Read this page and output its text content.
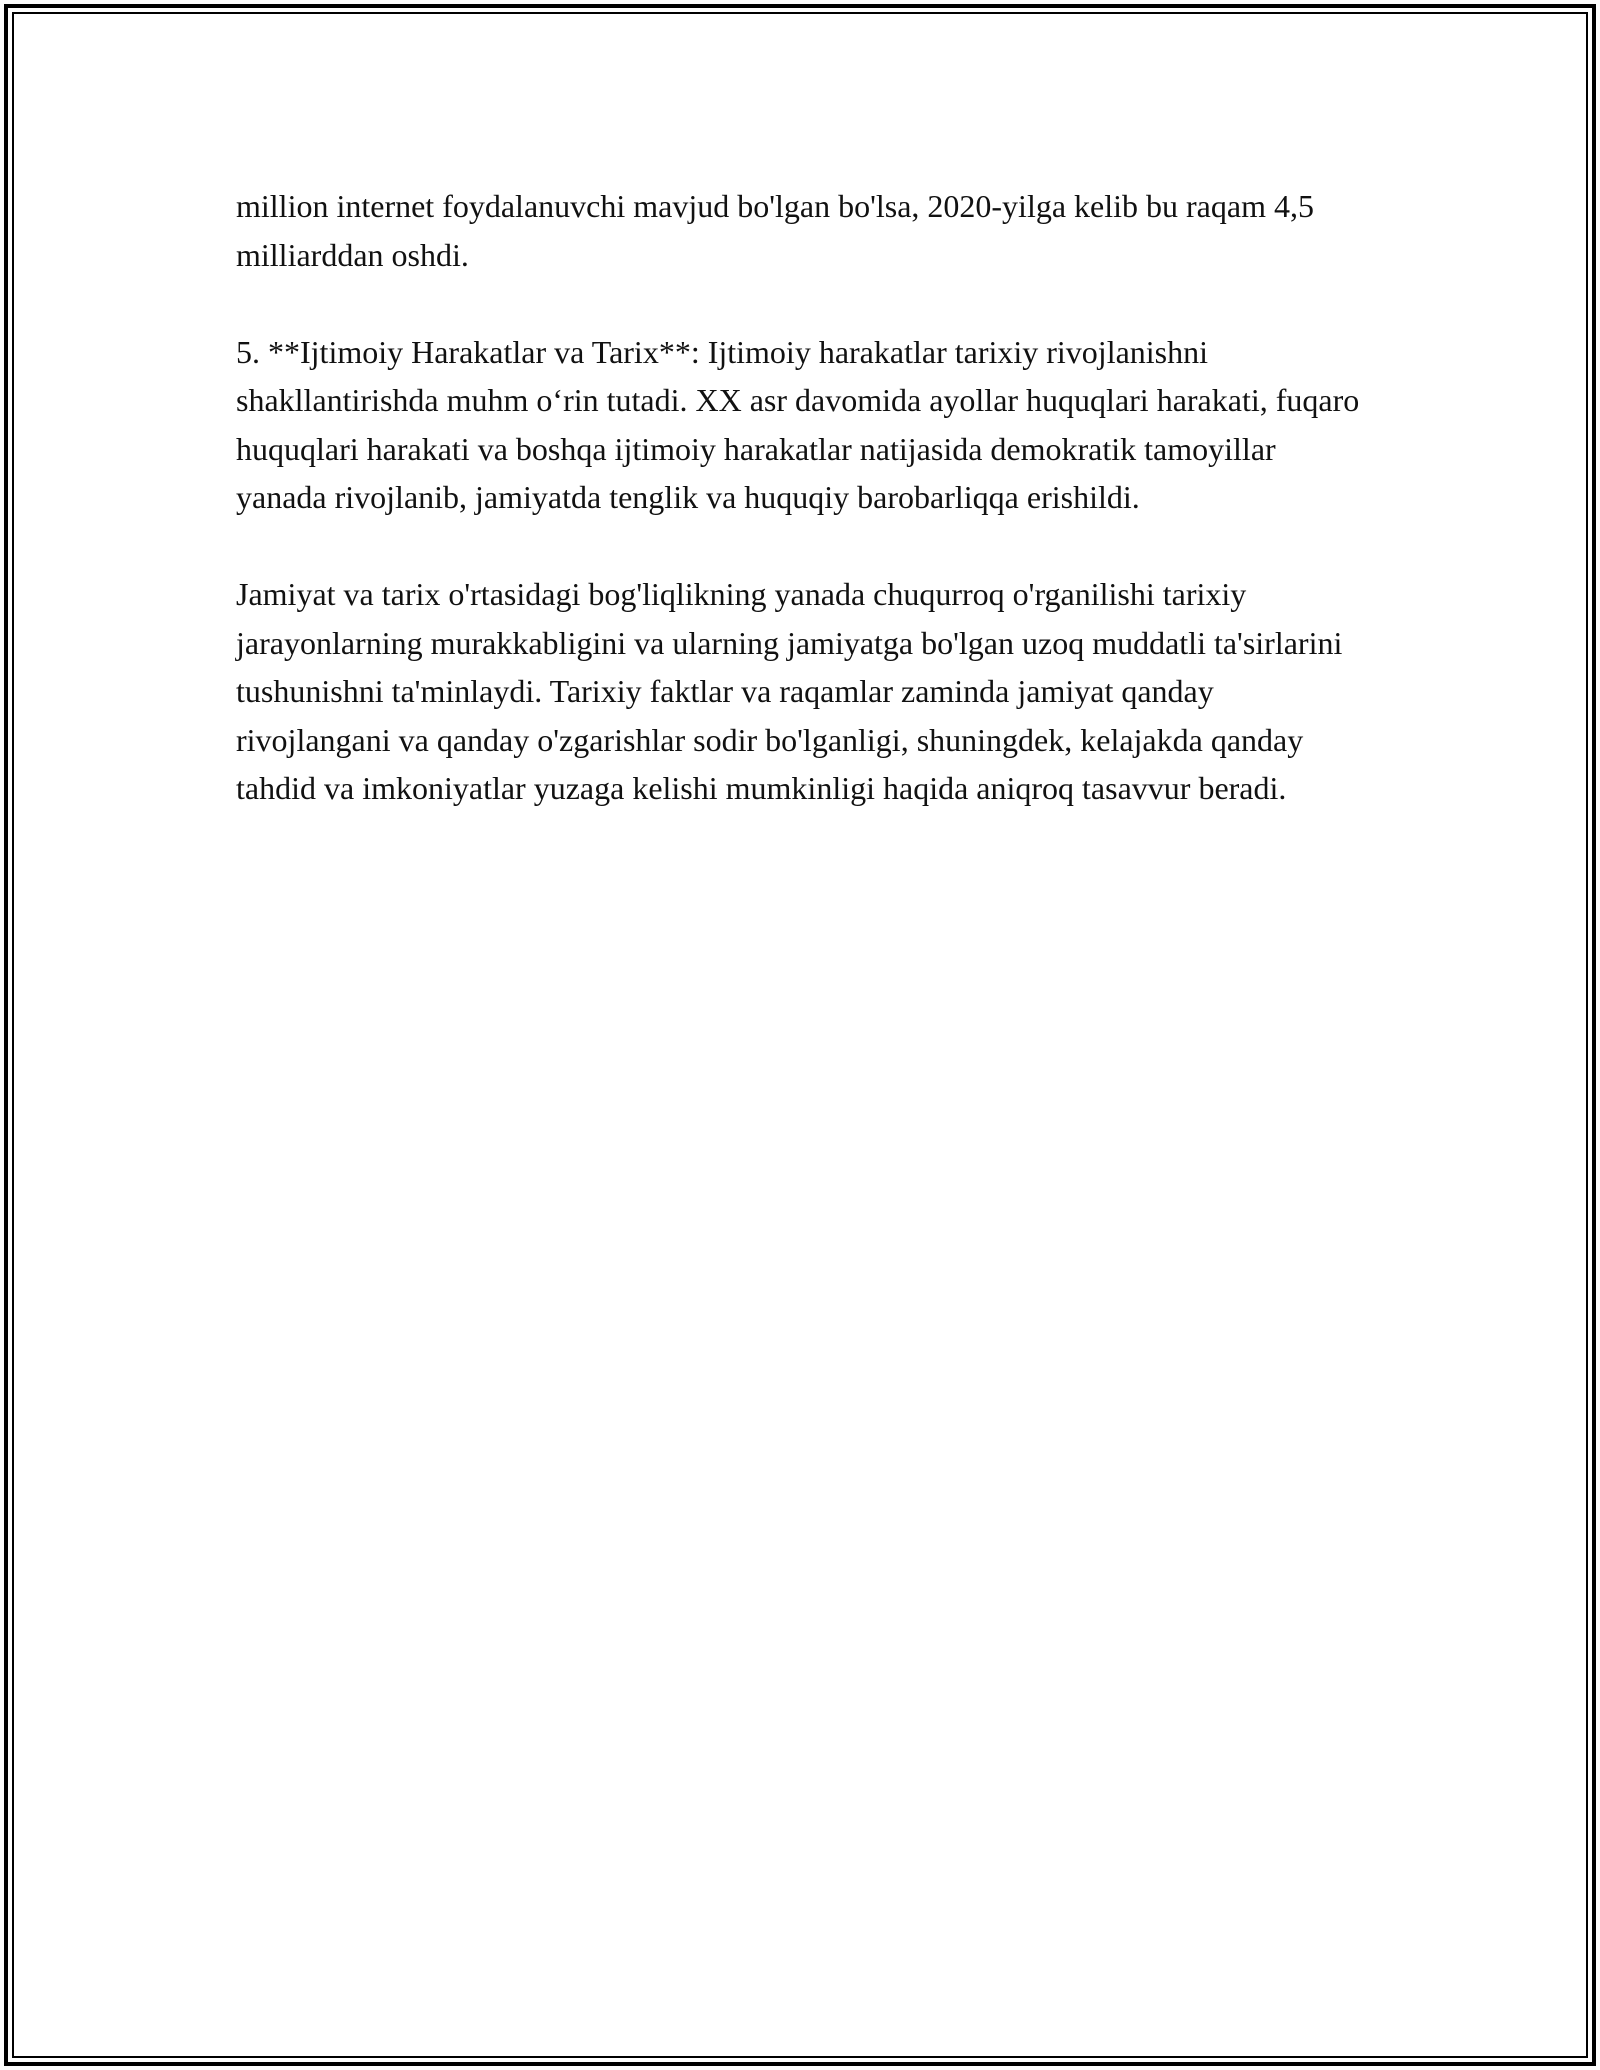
million internet foydalanuvchi mavjud bo'lgan bo'lsa, 2020-yilga kelib bu raqam 4,5 milliarddan oshdi.

5. **Ijtimoiy Harakatlar va Tarix**: Ijtimoiy harakatlar tarixiy rivojlanishni shakllantirishda muhm o‘rin tutadi. XX asr davomida ayollar huquqlari harakati, fuqaro huquqlari harakati va boshqa ijtimoiy harakatlar natijasida demokratik tamoyillar yanada rivojlanib, jamiyatda tenglik va huquqiy barobarliqqa erishildi.

Jamiyat va tarix o'rtasidagi bog'liqlikning yanada chuqurroq o'rganilishi tarixiy jarayonlarning murakkabligini va ularning jamiyatga bo'lgan uzoq muddatli ta'sirlarini tushunishni ta'minlaydi. Tarixiy faktlar va raqamlar zaminda jamiyat qanday rivojlangani va qanday o'zgarishlar sodir bo'lganligi, shuningdek, kelajakda qanday tahdid va imkoniyatlar yuzaga kelishi mumkinligi haqida aniqroq tasavvur beradi.
